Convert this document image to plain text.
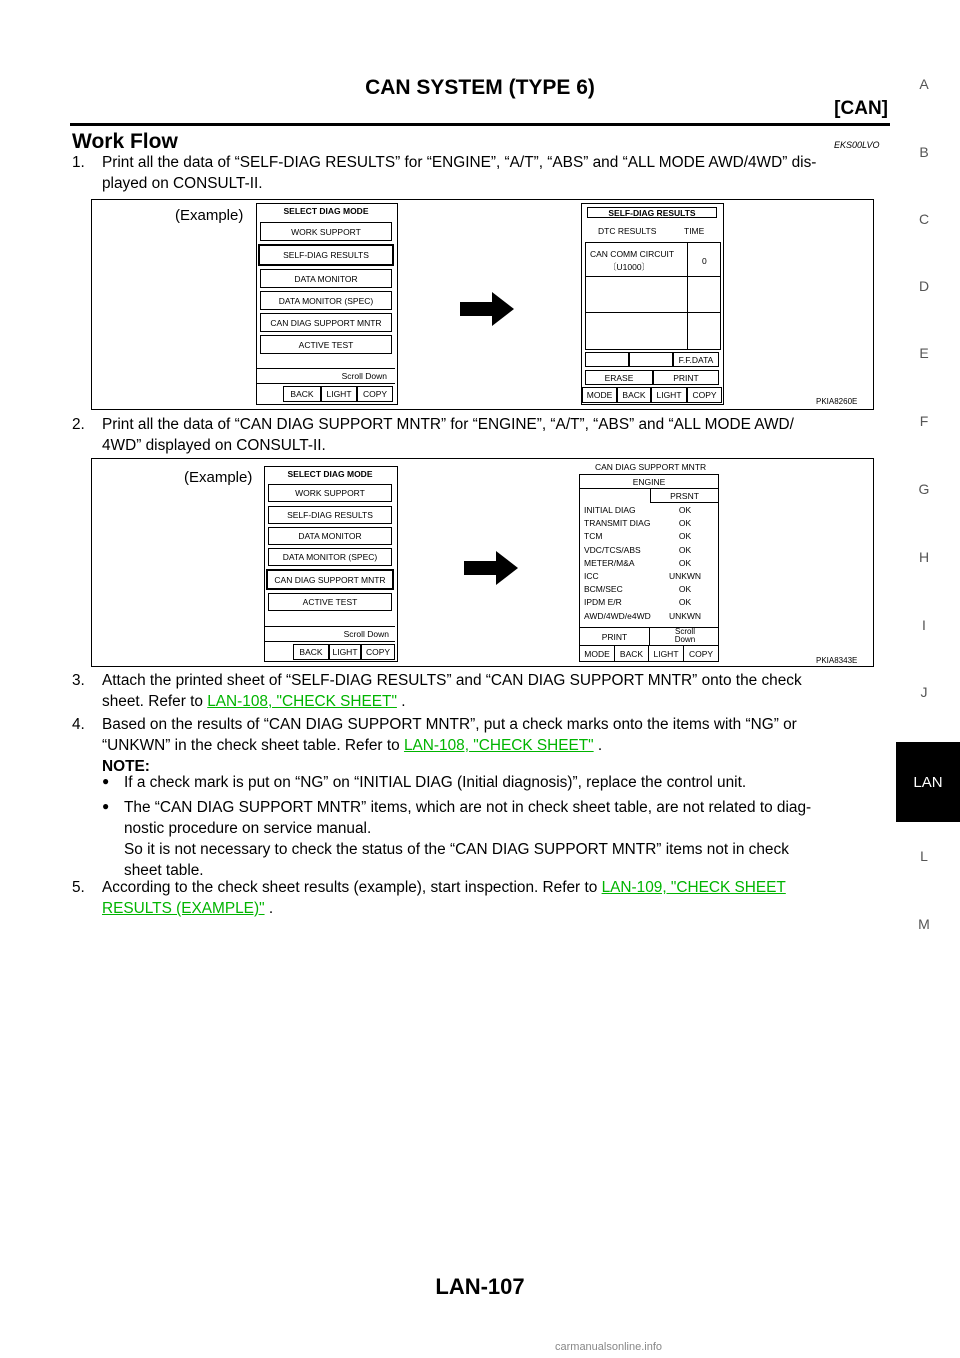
CAN SYSTEM (TYPE 6)
[CAN]
Work Flow	EKS00LVO
1. Print all the data of “SELF-DIAG RESULTS” for “ENGINE”, “A/T”, “ABS” and “ALL MODE AWD/4WD” dis-
played on CONSULT-II.
(Example)	SELECT DIAG MODE
WORK SUPPORT
SELF-DIAG RESULTS
DATA MONITOR
DATA MONITOR (SPEC)
CAN DIAG SUPPORT MNTR
ACTIVE TEST
Scroll Down
BACK	LIGHT	COPY
SELF-DIAG RESULTS
DTC RESULTS	TIME
CAN COMM CIRCUIT
〔U1000〕
0
F.F.DATA
ERASE	PRINT
MODE	BACK	LIGHT	COPY
PKIA8260E
2. Print all the data of “CAN DIAG SUPPORT MNTR” for “ENGINE”, “A/T”, “ABS” and “ALL MODE AWD/
4WD” displayed on CONSULT-II.
(Example)	SELECT DIAG MODE
WORK SUPPORT
SELF-DIAG RESULTS
DATA MONITOR
DATA MONITOR (SPEC)
CAN DIAG SUPPORT MNTR
ACTIVE TEST
Scroll Down
BACK	LIGHT COPY
CAN DIAG SUPPORT MNTR
ENGINE
PRSNT
INITIAL DIAG	OK
TRANSMIT DIAG	OK
TCM	OK
VDC/TCS/ABS	OK
METER/M&A	OK
ICC	UNKWN
BCM/SEC	OK
IPDM E/R	OK
AWD/4WD/e4WD	UNKWN
PRINT	Scroll
Down
MODE	BACK	LIGHT	COPY
PKIA8343E
3. Attach the printed sheet of “SELF-DIAG RESULTS” and “CAN DIAG SUPPORT MNTR” onto the check
sheet. Refer to LAN-108, "CHECK SHEET" .
4. Based on the results of “CAN DIAG SUPPORT MNTR”, put a check marks onto the items with “NG” or
“UNKWN” in the check sheet table. Refer to LAN-108, "CHECK SHEET" .
NOTE:
● If a check mark is put on “NG” on “INITIAL DIAG (Initial diagnosis)”, replace the control unit.
● The “CAN DIAG SUPPORT MNTR” items, which are not in check sheet table, are not related to diag-
nostic procedure on service manual.
So it is not necessary to check the status of the “CAN DIAG SUPPORT MNTR” items not in check
sheet table.
5. According to the check sheet results (example), start inspection. Refer to LAN-109, "CHECK SHEET
RESULTS (EXAMPLE)" .
A
B
C
D
E
F
G
H
I
J
L
M
LAN
LAN-107
carmanualsonline.info
